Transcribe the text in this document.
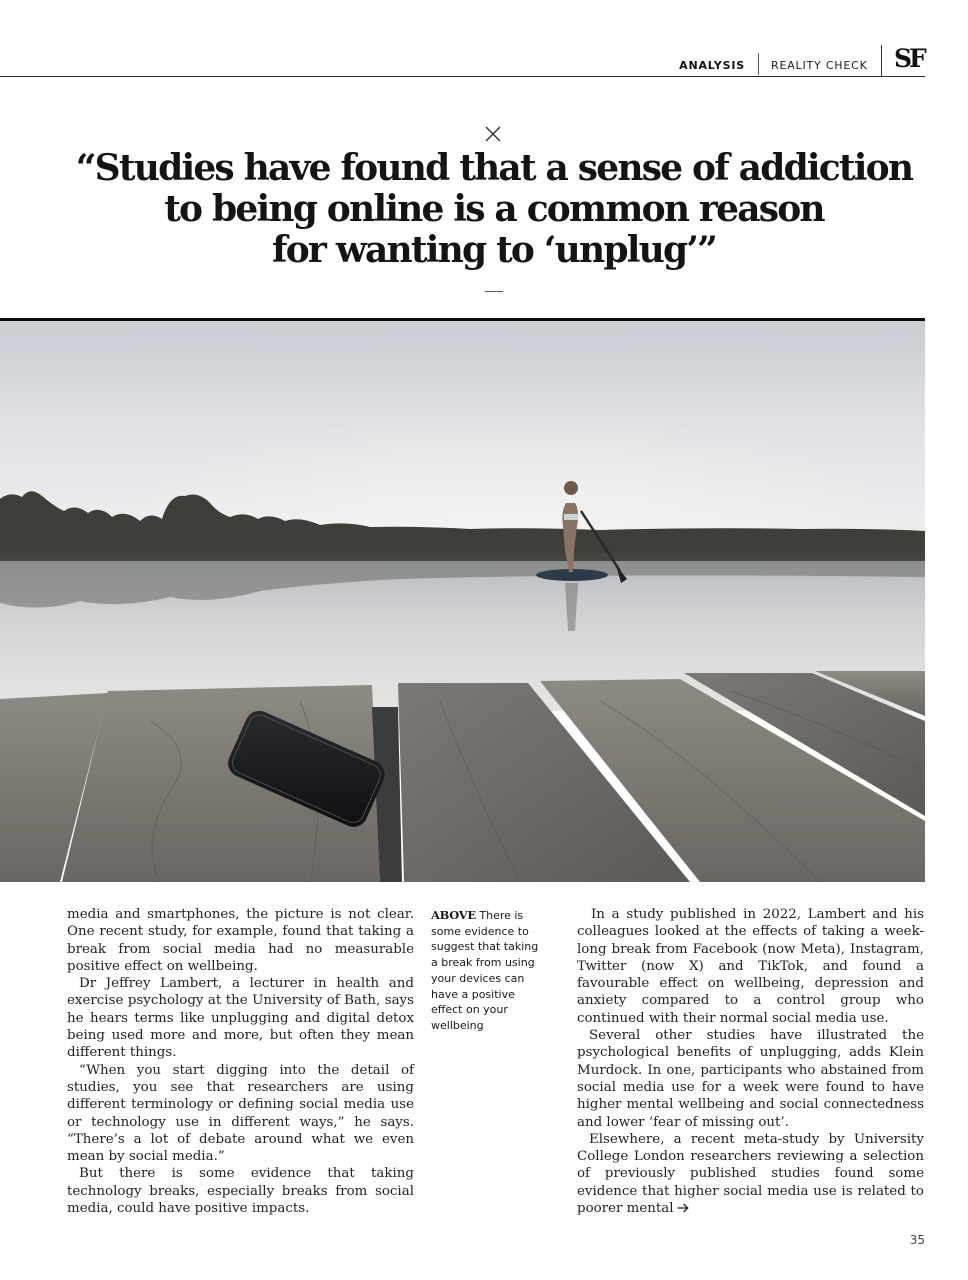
ANALYSIS REALITY CHECK SF
“Studies have found that a sense of addiction
to being online is a common reason
for wanting to ‘unplug’”

media and smartphones, the picture is not clear. One recent study, for example, found that taking a break from social media had no measurable positive effect on wellbeing.

Dr Jeffrey Lambert, a lecturer in health and exercise psychology at the University of Bath, says he hears terms like unplugging and digital detox being used more and more, but often they mean different things.

“When you start digging into the detail of studies, you see that researchers are using different terminology or defining social media use or technology use in different ways,” he says. “There’s a lot of debate around what we even mean by social media.”

But there is some evidence that taking technology breaks, especially breaks from social media, could have positive impacts.

ABOVE There is some evidence to suggest that taking a break from using your devices can have a positive effect on your wellbeing

In a study published in 2022, Lambert and his colleagues looked at the effects of taking a week-long break from Facebook (now Meta), Instagram, Twitter (now X) and TikTok, and found a favourable effect on wellbeing, depression and anxiety compared to a control group who continued with their normal social media use.

Several other studies have illustrated the psychological benefits of unplugging, adds Klein Murdock. In one, participants who abstained from social media use for a week were found to have higher mental wellbeing and social connectedness and lower ‘fear of missing out’.

Elsewhere, a recent meta-study by University College London researchers reviewing a selection of previously published studies found some evidence that higher social media use is related to poorer mental

35
